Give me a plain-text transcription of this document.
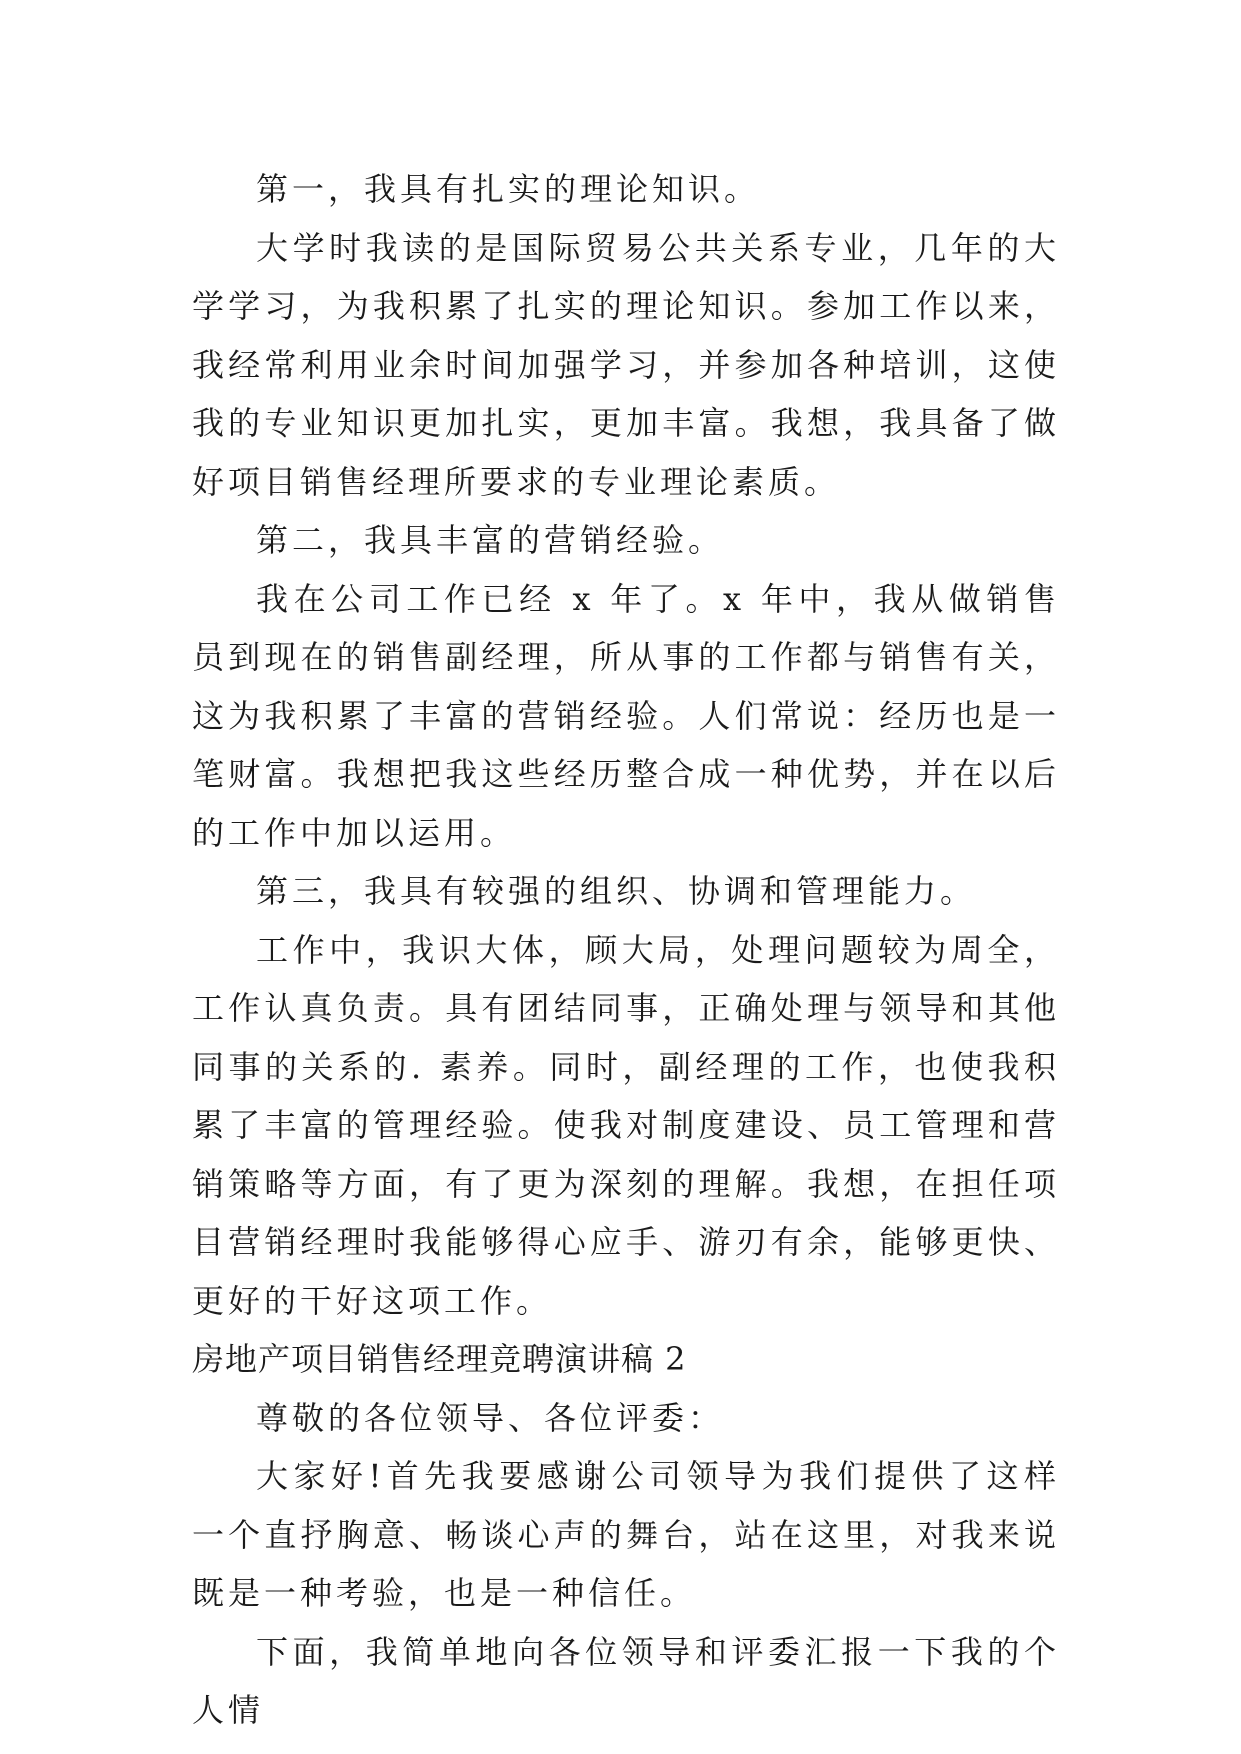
第一，我具有扎实的理论知识。

大学时我读的是国际贸易公共关系专业，几年的大学学习，为我积累了扎实的理论知识。参加工作以来，我经常利用业余时间加强学习，并参加各种培训，这使我的专业知识更加扎实，更加丰富。我想，我具备了做好项目销售经理所要求的专业理论素质。

第二，我具丰富的营销经验。

我在公司工作已经 x 年了。x 年中，我从做销售员到现在的销售副经理，所从事的工作都与销售有关，这为我积累了丰富的营销经验。人们常说：经历也是一笔财富。我想把我这些经历整合成一种优势，并在以后的工作中加以运用。

第三，我具有较强的组织、协调和管理能力。

工作中，我识大体，顾大局，处理问题较为周全，工作认真负责。具有团结同事，正确处理与领导和其他同事的关系的. 素养。同时，副经理的工作，也使我积累了丰富的管理经验。使我对制度建设、员工管理和营销策略等方面，有了更为深刻的理解。我想，在担任项目营销经理时我能够得心应手、游刃有余，能够更快、更好的干好这项工作。

房地产项目销售经理竞聘演讲稿 2

尊敬的各位领导、各位评委：

大家好!首先我要感谢公司领导为我们提供了这样一个直抒胸意、畅谈心声的舞台，站在这里，对我来说既是一种考验，也是一种信任。

下面，我简单地向各位领导和评委汇报一下我的个人情
